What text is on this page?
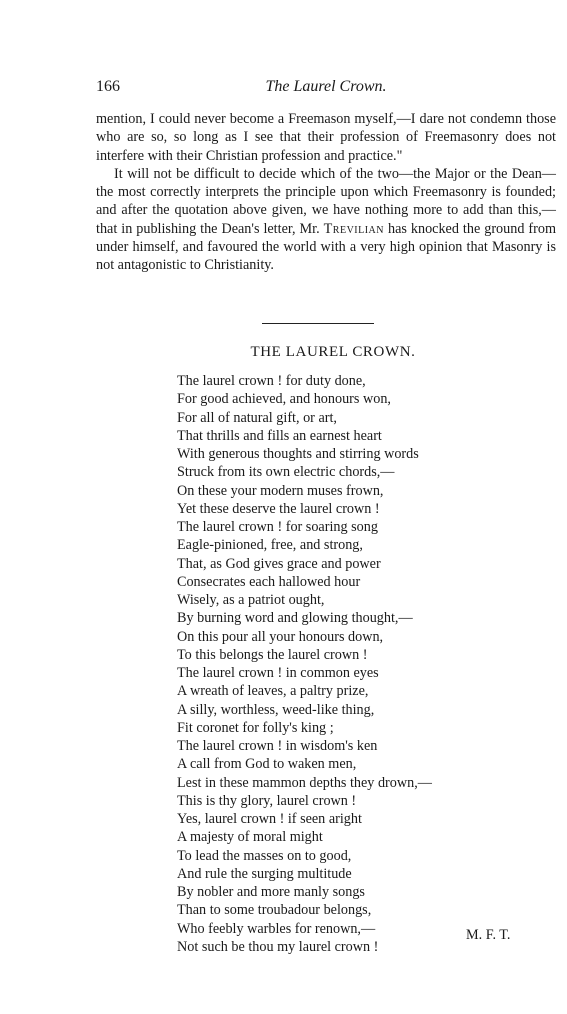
166	The Laurel Crown.

mention, I could never become a Freemason myself,—I dare not condemn those who are so, so long as I see that their profession of Freemasonry does not interfere with their Christian profession and practice."

It will not be difficult to decide which of the two—the Major or the Dean—the most correctly interprets the principle upon which Freemasonry is founded; and after the quotation above given, we have nothing more to add than this,—that in publishing the Dean's letter, Mr. Trevilian has knocked the ground from under himself, and favoured the world with a very high opinion that Masonry is not antagonistic to Christianity.

THE LAUREL CROWN.
The laurel crown ! for duty done,
For good achieved, and honours won,
For all of natural gift, or art,
That thrills and fills an earnest heart
With generous thoughts and stirring words
Struck from its own electric chords,—
On these your modern muses frown,
Yet these deserve the laurel crown !
The laurel crown ! for soaring song
Eagle-pinioned, free, and strong,
That, as God gives grace and power
Consecrates each hallowed hour
Wisely, as a patriot ought,
By burning word and glowing thought,—
On this pour all your honours down,
To this belongs the laurel crown !
The laurel crown ! in common eyes
A wreath of leaves, a paltry prize,
A silly, worthless, weed-like thing,
Fit coronet for folly's king ;
The laurel crown ! in wisdom's ken
A call from God to waken men,
Lest in these mammon depths they drown,—
This is thy glory, laurel crown !
Yes, laurel crown ! if seen aright
A majesty of moral might
To lead the masses on to good,
And rule the surging multitude
By nobler and more manly songs
Than to some troubadour belongs,
Who feebly warbles for renown,—
Not such be thou my laurel crown !
M. F. T.
